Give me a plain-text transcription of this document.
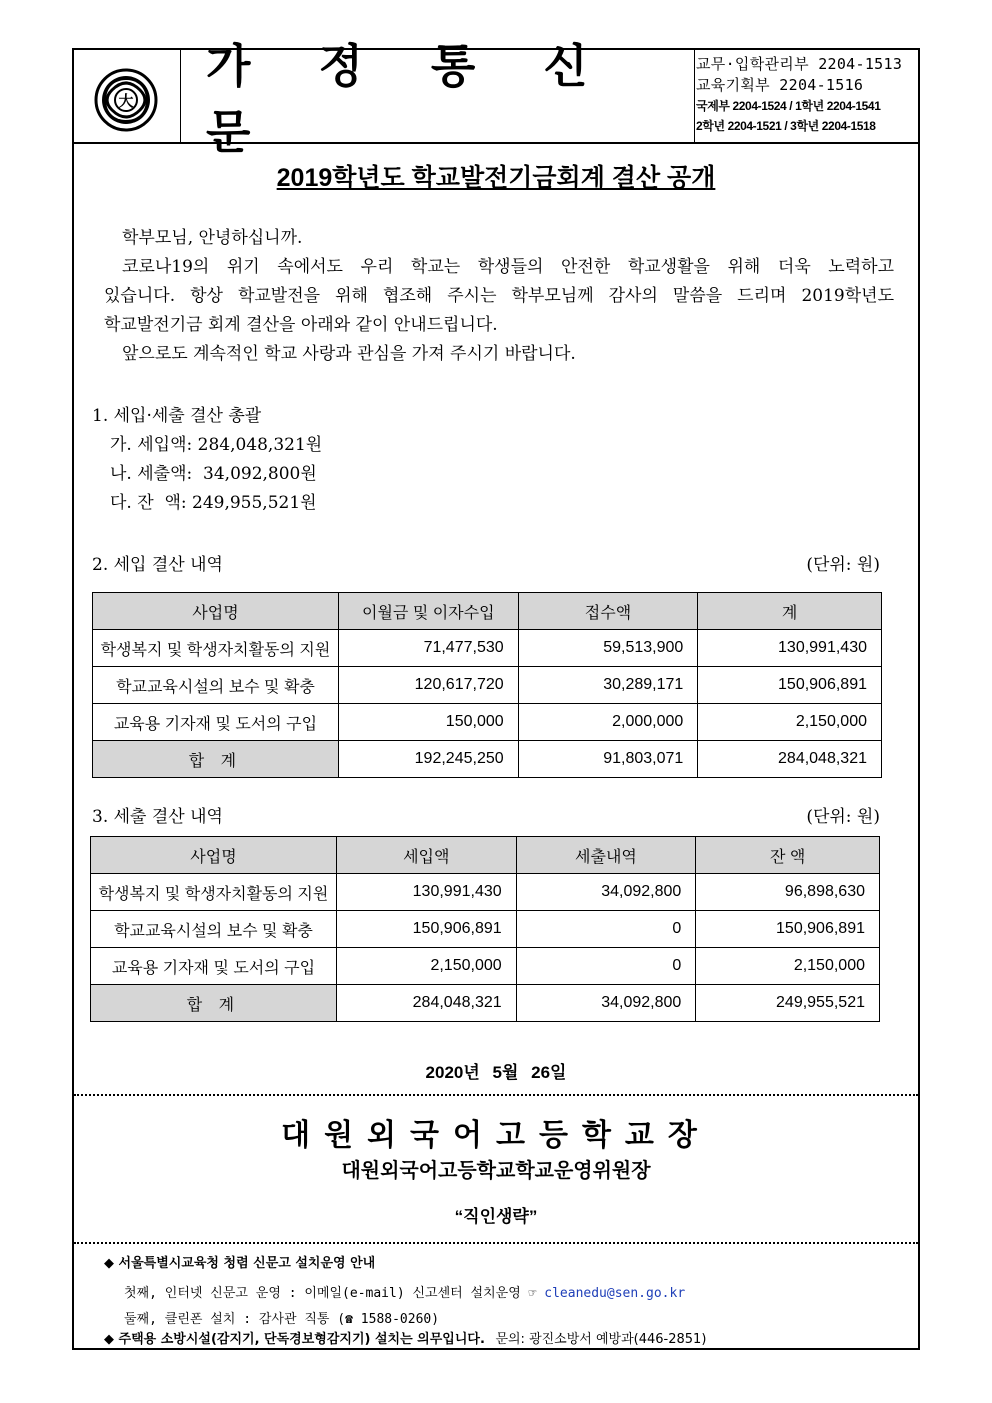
大
가 정 통 신 문
교무·입학관리부 2204-1513
교육기획부 2204-1516
국제부 2204-1524 / 1학년 2204-1541
2학년 2204-1521 / 3학년 2204-1518
2019학년도 학교발전기금회계 결산 공개
학부모님, 안녕하십니까.
코로나19의 위기 속에서도 우리 학교는 학생들의 안전한 학교생활을 위해 더욱 노력하고
있습니다. 항상 학교발전을 위해 협조해 주시는 학부모님께 감사의 말씀을 드리며 2019학년도
학교발전기금 회계 결산을 아래와 같이 안내드립니다.
앞으로도 계속적인 학교 사랑과 관심을 가져 주시기 바랍니다.
1. 세입·세출 결산 총괄
가. 세입액: 284,048,321원
나. 세출액:  34,092,800원
다. 잔  액: 249,955,521원
2. 세입 결산 내역	(단위: 원)
사업명	이월금 및 이자수입	접수액	계
학생복지 및 학생자치활동의 지원	71,477,530	59,513,900	130,991,430
학교교육시설의 보수 및 확충	120,617,720	30,289,171	150,906,891
교육용 기자재 및 도서의 구입	150,000	2,000,000	2,150,000
합 계	192,245,250	91,803,071	284,048,321
3. 세출 결산 내역	(단위: 원)
사업명	세입액	세출내역	잔 액
학생복지 및 학생자치활동의 지원	130,991,430	34,092,800	96,898,630
학교교육시설의 보수 및 확충	150,906,891	0	150,906,891
교육용 기자재 및 도서의 구입	2,150,000	0	2,150,000
합 계	284,048,321	34,092,800	249,955,521
2020년 5월 26일
대원외국어고등학교장
대원외국어고등학교학교운영위원장
“직인생략”
◆ 서울특별시교육청 청렴 신문고 설치운영 안내
첫째, 인터넷 신문고 운영 : 이메일(e-mail) 신고센터 설치운영 ☞ cleanedu@sen.go.kr
둘째, 클린폰 설치 : 감사관 직통 (☎ 1588-0260)
◆ 주택용 소방시설(감지기, 단독경보형감지기) 설치는 의무입니다. 문의: 광진소방서 예방과(446-2851)
